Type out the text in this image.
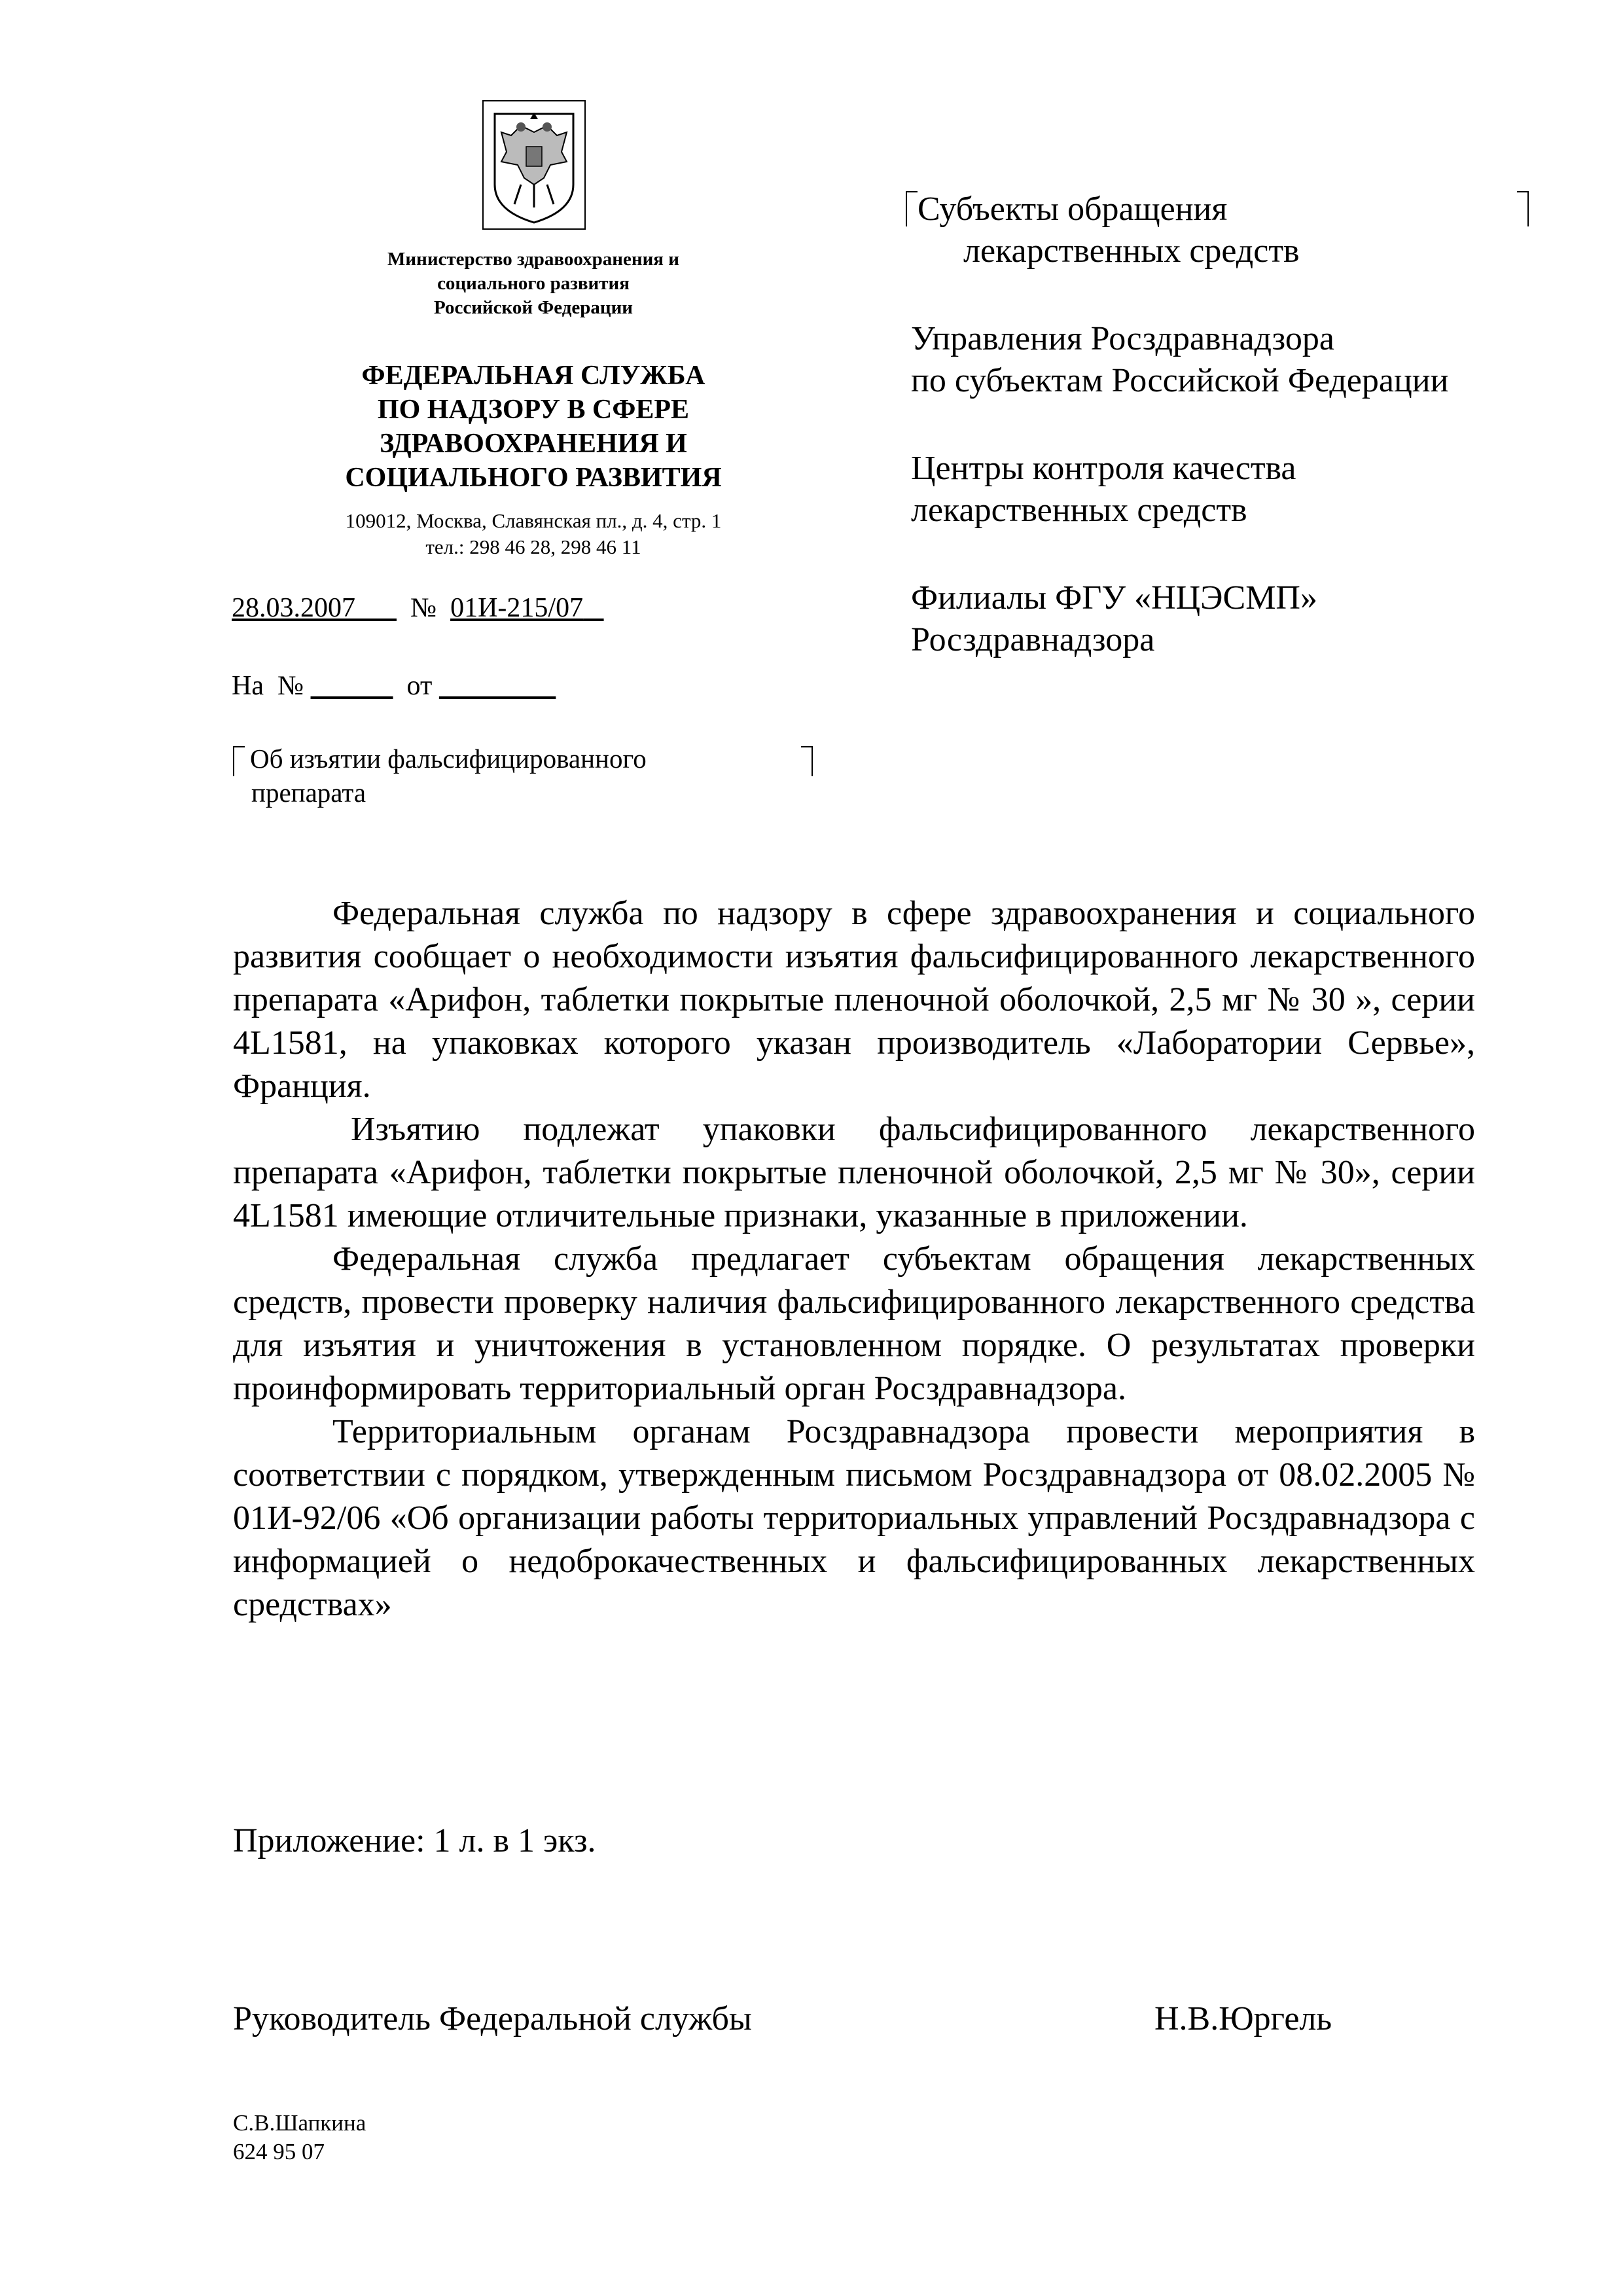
Министерство здравоохранения и
социального развития
Российской Федерации
ФЕДЕРАЛЬНАЯ СЛУЖБА
ПО НАДЗОРУ В СФЕРЕ
ЗДРАВООХРАНЕНИЯ И
СОЦИАЛЬНОГО РАЗВИТИЯ
109012, Москва, Славянская пл., д. 4, стр. 1
тел.: 298 46 28, 298 46 11
28.03.2007 № 01И-215/07
На  №	от
Об изъятии фальсифицированного
препарата
Субъекты обращения
лекарственных средств
Управления Росздравнадзора
по субъектам Российской Федерации
Центры контроля качества
лекарственных средств
Филиалы ФГУ «НЦЭСМП»
Росздравнадзора

Федеральная служба по надзору в сфере здравоохранения и социального развития сообщает о необходимости изъятия фальсифицированного лекарственного препарата «Арифон, таблетки покрытые пленочной оболочкой, 2,5 мг № 30 », серии 4L1581, на упаковках которого указан производитель «Лаборатории Сервье», Франция.

Изъятию подлежат упаковки фальсифицированного лекарственного препарата «Арифон, таблетки покрытые пленочной оболочкой, 2,5 мг № 30», серии 4L1581 имеющие отличительные признаки, указанные в приложении.

Федеральная служба предлагает субъектам обращения лекарственных средств, провести проверку наличия фальсифицированного лекарственного средства для изъятия и уничтожения в установленном порядке. О результатах проверки проинформировать территориальный орган Росздравнадзора.

Территориальным органам Росздравнадзора провести мероприятия в соответствии с порядком, утвержденным письмом Росздравнадзора от 08.02.2005 № 01И-92/06 «Об организации работы территориальных управлений Росздравнадзора с информацией о недоброкачественных и фальсифицированных лекарственных средствах»

Приложение: 1 л. в 1 экз.
Руководитель Федеральной службы	Н.В.Юргель
С.В.Шапкина
624 95 07
